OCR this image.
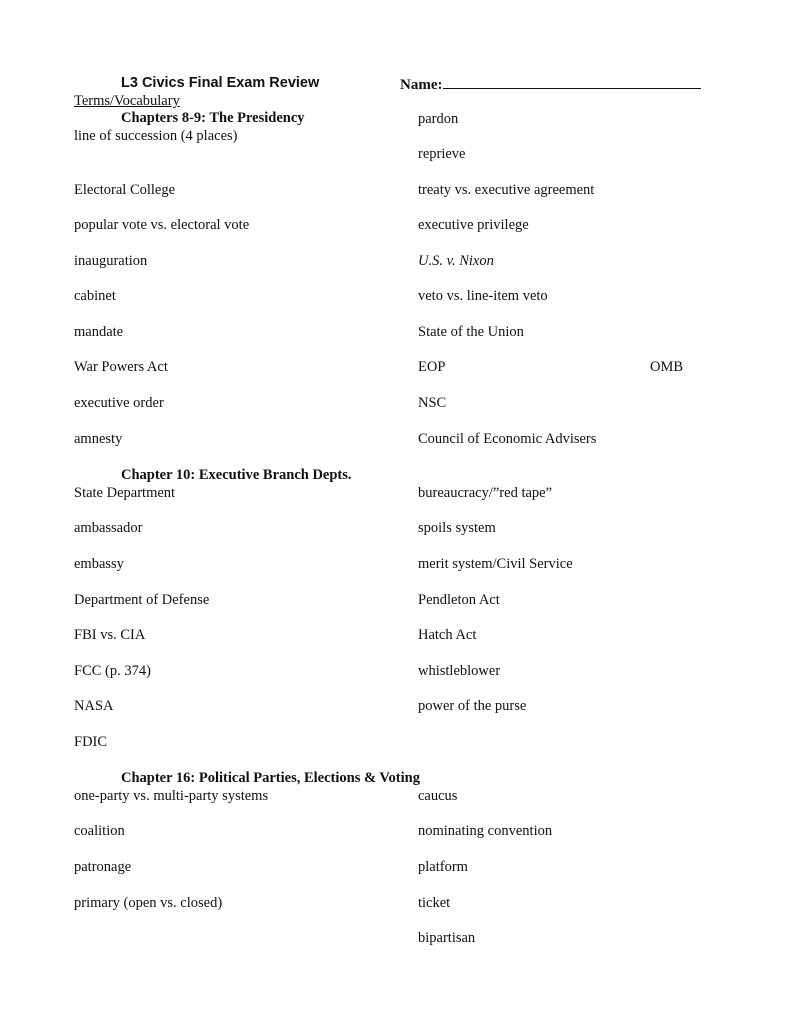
L3 Civics Final Exam Review	Name:
Terms/Vocabulary
Chapters 8-9: The Presidency
line of succession (4 places)
Electoral College
popular vote vs. electoral vote
inauguration
cabinet
mandate
War Powers Act
executive order
amnesty
pardon
reprieve
treaty vs. executive agreement
executive privilege
U.S. v. Nixon
veto vs. line-item veto
State of the Union
EOP
NSC
Council of Economic Advisers
OMB
Chapter 10: Executive Branch Depts.
State Department
ambassador
embassy
Department of Defense
FBI vs. CIA
FCC (p. 374)
NASA
FDIC
bureaucracy/”red tape”
spoils system
merit system/Civil Service
Pendleton Act
Hatch Act
whistleblower
power of the purse
Chapter 16: Political Parties, Elections & Voting
one-party vs. multi-party systems
coalition
patronage
primary (open vs. closed)
caucus
nominating convention
platform
ticket
bipartisan
